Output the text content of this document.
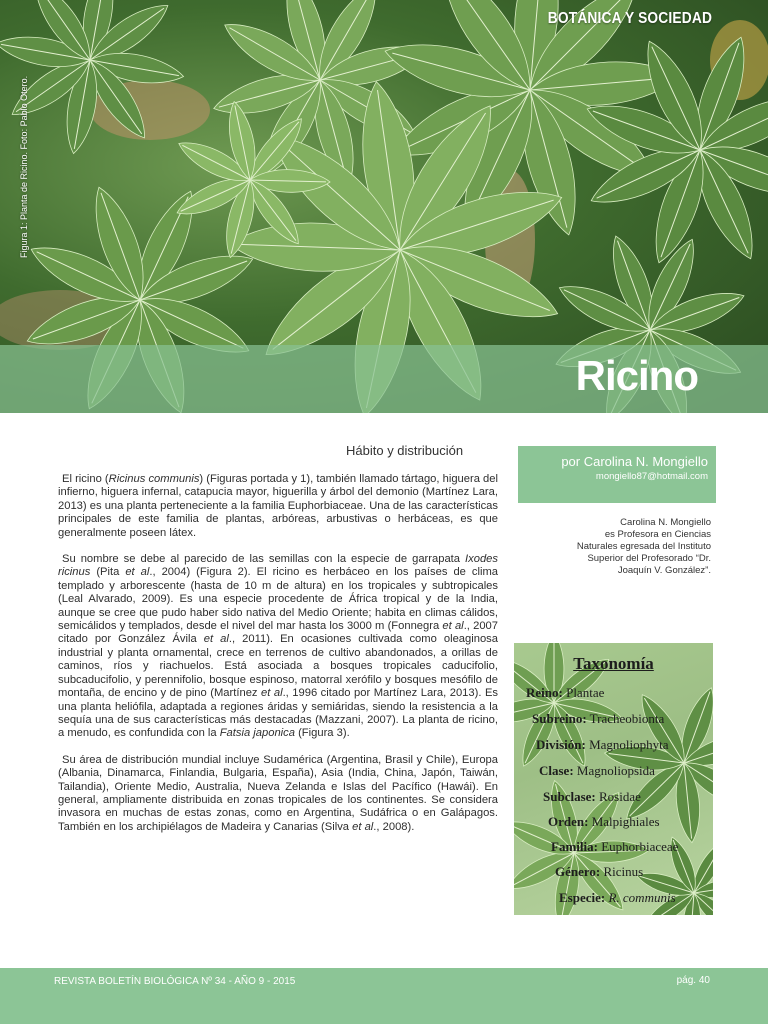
BOTÁNICA Y SOCIEDAD
Figura 1: Planta de Ricino. Foto: Pablo Otero.
Ricino
Hábito y distribución

El ricino (Ricinus communis) (Figuras portada y 1), también llamado tártago, higuera del infierno, higuera infernal, catapucia mayor, higuerilla y árbol del demonio (Martínez Lara, 2013) es una planta perteneciente a la familia Euphorbiaceae. Una de las características principales de este familia de plantas, arbóreas, arbustivas o herbáceas, es que generalmente poseen látex.

Su nombre se debe al parecido de las semillas con la especie de garrapata Ixodes ricinus (Pita et al., 2004) (Figura 2). El ricino es herbáceo en los países de clima templado y arborescente (hasta de 10 m de altura) en los tropicales y subtropicales (Leal Alvarado, 2009). Es una especie procedente de África tropical y de la India, aunque se cree que pudo haber sido nativa del Medio Oriente; habita en climas cálidos, semicálidos y templados, desde el nivel del mar hasta los 3000 m (Fonnegra et al., 2007 citado por González Ávila et al., 2011). En ocasiones cultivada como oleaginosa industrial y planta ornamental, crece en terrenos de cultivo abandonados, a orillas de caminos, ríos y riachuelos. Está asociada a bosques tropicales caducifolio, subcaducifolio, y perennifolio, bosque espinoso, matorral xerófilo y bosques mesófilo de montaña, de encino y de pino (Martínez et al., 1996 citado por Martínez Lara, 2013). Es una planta heliófila, adaptada a regiones áridas y semiáridas, siendo la resistencia a la sequía una de sus características más destacadas (Mazzani, 2007). La planta de ricino, a menudo, es confundida con la Fatsia japonica (Figura 3).

Su área de distribución mundial incluye Sudamérica (Argentina, Brasil y Chile), Europa (Albania, Dinamarca, Finlandia, Bulgaria, España), Asia (India, China, Japón, Taiwán, Tailandia), Oriente Medio, Australia, Nueva Zelanda e Islas del Pacífico (Hawái). En general, ampliamente distribuida en zonas tropicales de los continentes. Se considera invasora en muchas de estas zonas, como en Argentina, Sudáfrica o en Galápagos. También en los archipiélagos de Madeira y Canarias (Silva et al., 2008).

por Carolina N. Mongiello
mongiello87@hotmail.com
Carolina N. Mongiello
es Profesora en Ciencias
Naturales egresada del Instituto
Superior del Profesorado “Dr.
Joaquín V. González”.
Taxonomía
Reino: Plantae
Subreino: Tracheobionta
División: Magnoliophyta
Clase: Magnoliopsida
Subclase: Rosidae
Orden: Malpighiales
Familia: Euphorbiaceae
Género: Ricinus
Especie: R. communis
REVISTA BOLETÍN BIOLÓGICA Nº 34 - AÑO 9 - 2015	pág. 40
